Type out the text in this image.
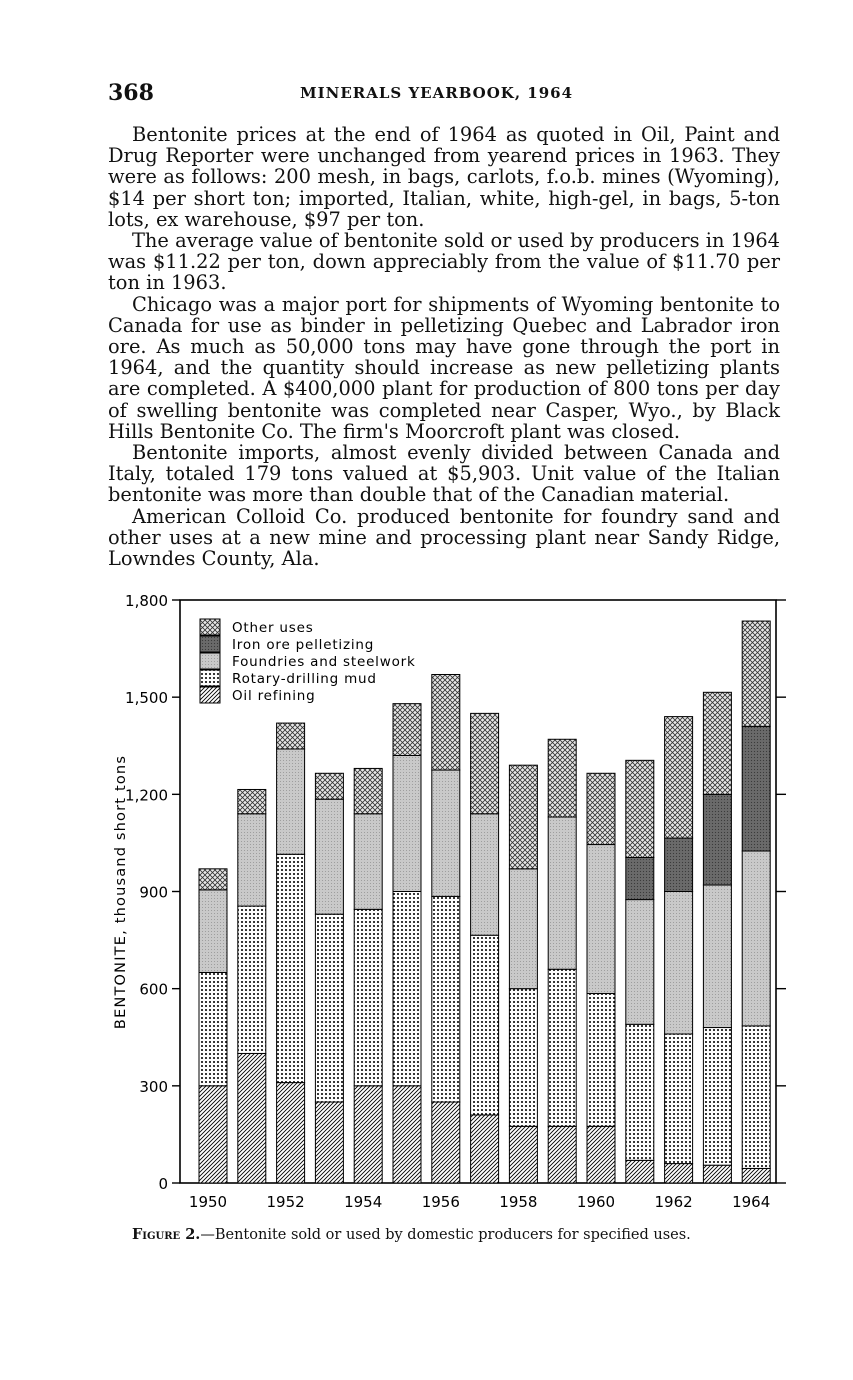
368	MINERALS YEARBOOK, 1964

Bentonite prices at the end of 1964 as quoted in Oil, Paint and Drug Reporter were unchanged from yearend prices in 1963. They were as follows: 200 mesh, in bags, carlots, f.o.b. mines (Wyoming), $14 per short ton; imported, Italian, white, high-gel, in bags, 5-ton lots, ex warehouse, $97 per ton.

The average value of bentonite sold or used by producers in 1964 was $11.22 per ton, down appreciably from the value of $11.70 per ton in 1963.

Chicago was a major port for shipments of Wyoming bentonite to Canada for use as binder in pelletizing Quebec and Labrador iron ore. As much as 50,000 tons may have gone through the port in 1964, and the quantity should increase as new pelletizing plants are completed. A $400,000 plant for production of 800 tons per day of swelling bentonite was completed near Casper, Wyo., by Black Hills Bentonite Co. The firm's Moorcroft plant was closed.

Bentonite imports, almost evenly divided between Canada and Italy, totaled 179 tons valued at $5,903. Unit value of the Italian bentonite was more than double that of the Canadian material.

American Colloid Co. produced bentonite for foundry sand and other uses at a new mine and processing plant near Sandy Ridge, Lowndes County, Ala.

0
300
600
900
1,200
1,500
1,800
BENTONITE, thousand short tons
1950	1952	1954	1956	1958	1960	1962	1964
Other uses
Iron ore pelletizing
Foundries and steelwork
Rotary-drilling mud
Oil refining
Figure 2.—Bentonite sold or used by domestic producers for specified uses.
